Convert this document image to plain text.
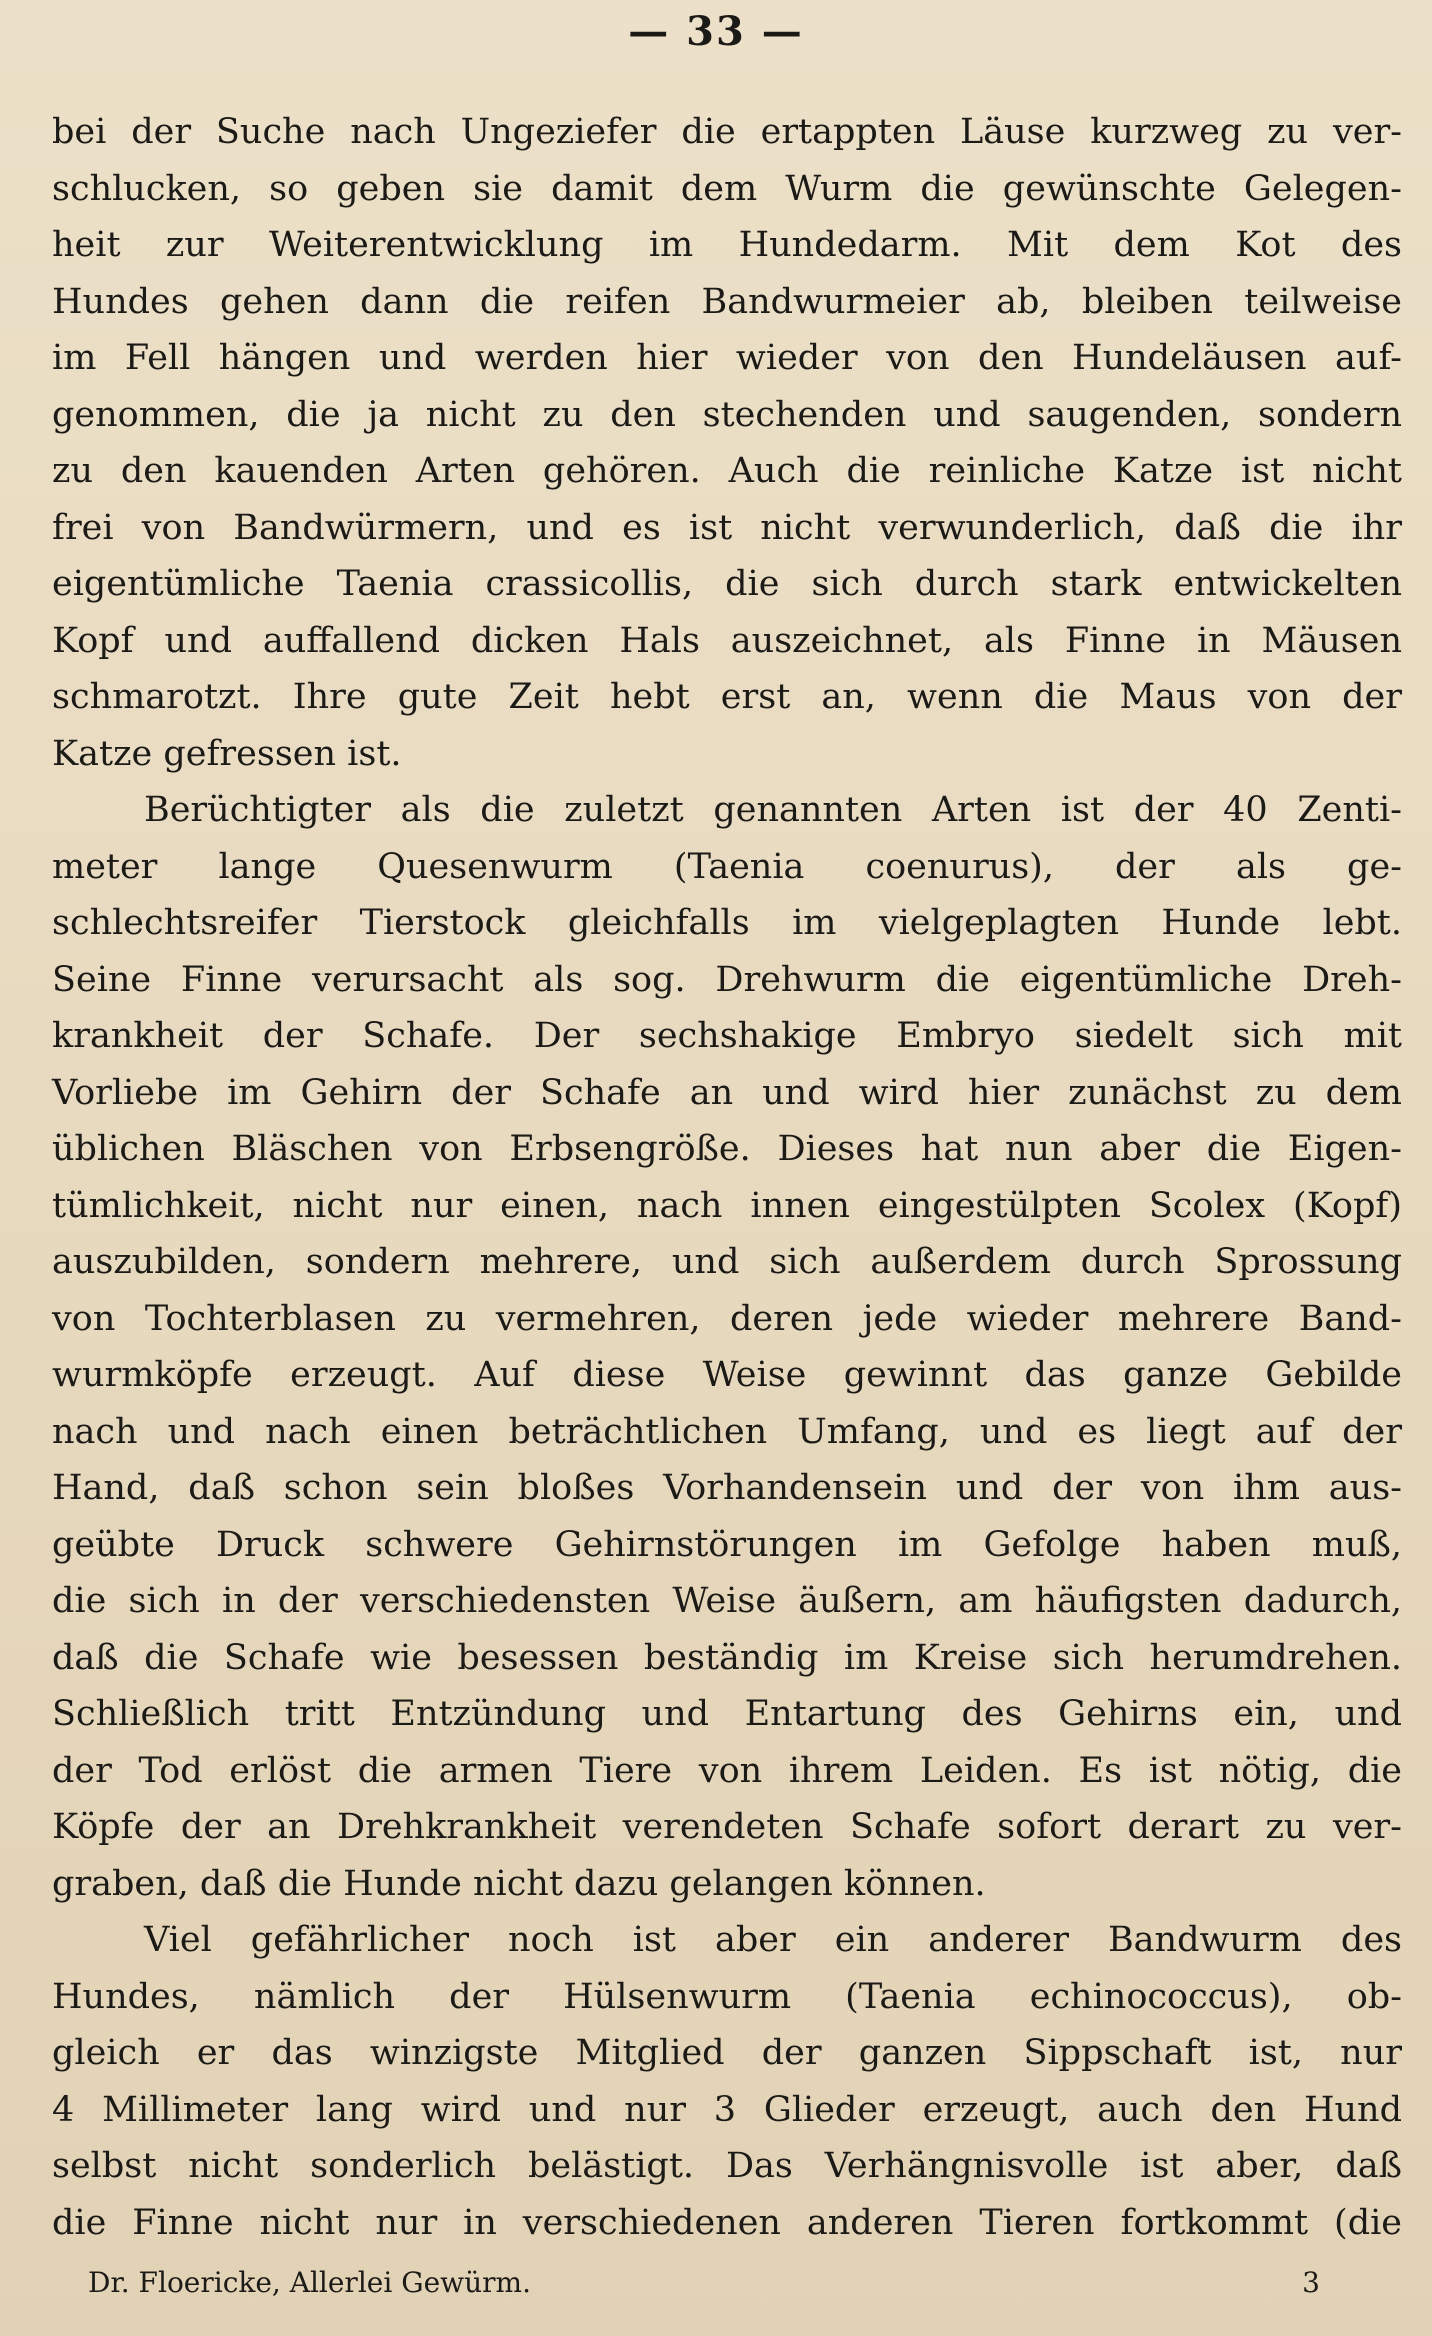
— 33 —
bei der Suche nach Ungeziefer die ertappten Läuse kurzweg zu ver-
schlucken, so geben sie damit dem Wurm die gewünschte Gelegen-
heit zur Weiterentwicklung im Hundedarm. Mit dem Kot des
Hundes gehen dann die reifen Bandwurmeier ab, bleiben teilweise
im Fell hängen und werden hier wieder von den Hundeläusen auf-
genommen, die ja nicht zu den stechenden und saugenden, sondern
zu den kauenden Arten gehören. Auch die reinliche Katze ist nicht
frei von Bandwürmern, und es ist nicht verwunderlich, daß die ihr
eigentümliche Taenia crassicollis, die sich durch stark entwickelten
Kopf und auffallend dicken Hals auszeichnet, als Finne in Mäusen
schmarotzt. Ihre gute Zeit hebt erst an, wenn die Maus von der
Katze gefressen ist.
Berüchtigter als die zuletzt genannten Arten ist der 40 Zenti-
meter lange Quesenwurm (Taenia coenurus), der als ge-
schlechtsreifer Tierstock gleichfalls im vielgeplagten Hunde lebt.
Seine Finne verursacht als sog. Drehwurm die eigentümliche Dreh-
krankheit der Schafe. Der sechshakige Embryo siedelt sich mit
Vorliebe im Gehirn der Schafe an und wird hier zunächst zu dem
üblichen Bläschen von Erbsengröße. Dieses hat nun aber die Eigen-
tümlichkeit, nicht nur einen, nach innen eingestülpten Scolex (Kopf)
auszubilden, sondern mehrere, und sich außerdem durch Sprossung
von Tochterblasen zu vermehren, deren jede wieder mehrere Band-
wurmköpfe erzeugt. Auf diese Weise gewinnt das ganze Gebilde
nach und nach einen beträchtlichen Umfang, und es liegt auf der
Hand, daß schon sein bloßes Vorhandensein und der von ihm aus-
geübte Druck schwere Gehirnstörungen im Gefolge haben muß,
die sich in der verschiedensten Weise äußern, am häufigsten dadurch,
daß die Schafe wie besessen beständig im Kreise sich herumdrehen.
Schließlich tritt Entzündung und Entartung des Gehirns ein, und
der Tod erlöst die armen Tiere von ihrem Leiden. Es ist nötig, die
Köpfe der an Drehkrankheit verendeten Schafe sofort derart zu ver-
graben, daß die Hunde nicht dazu gelangen können.
Viel gefährlicher noch ist aber ein anderer Bandwurm des
Hundes, nämlich der Hülsenwurm (Taenia echinococcus), ob-
gleich er das winzigste Mitglied der ganzen Sippschaft ist, nur
4 Millimeter lang wird und nur 3 Glieder erzeugt, auch den Hund
selbst nicht sonderlich belästigt. Das Verhängnisvolle ist aber, daß
die Finne nicht nur in verschiedenen anderen Tieren fortkommt (die
Dr. Floericke, Allerlei Gewürm.	3
